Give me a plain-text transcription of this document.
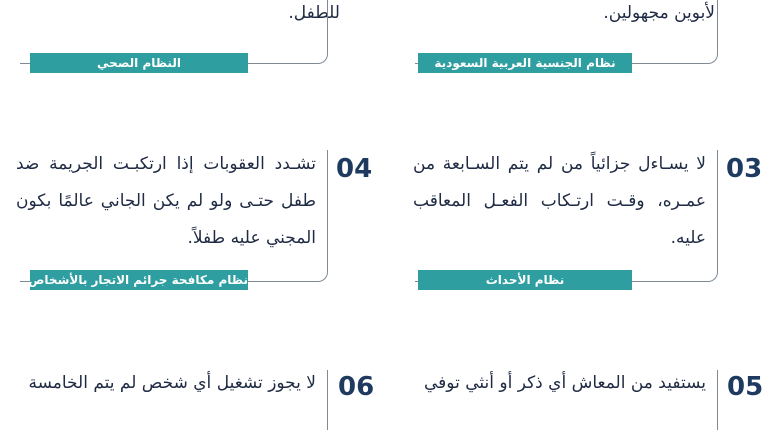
للطفل.
النظام الصحي
لأبوين مجهولين.
نظام الجنسية العربية السعودية
04
تشـدد العقوبات إذا ارتكبـت الجريمة ضد طفل حتـى ولو لم يكن الجاني عالمًا بكون المجني عليه طفلاً.
نظام مكافحة جرائم الاتجار بالأشخاص
03
لا يسـاءل جزائياً من لم يتم السـابعة من عمـره، وقـت ارتـكاب الفعـل المعاقب عليه.
نظام الأحداث
06
لا يجوز تشغيل أي شخص لم يتم الخامسة	05
يستفيد من المعاش أي ذكر أو أنثي توفي
